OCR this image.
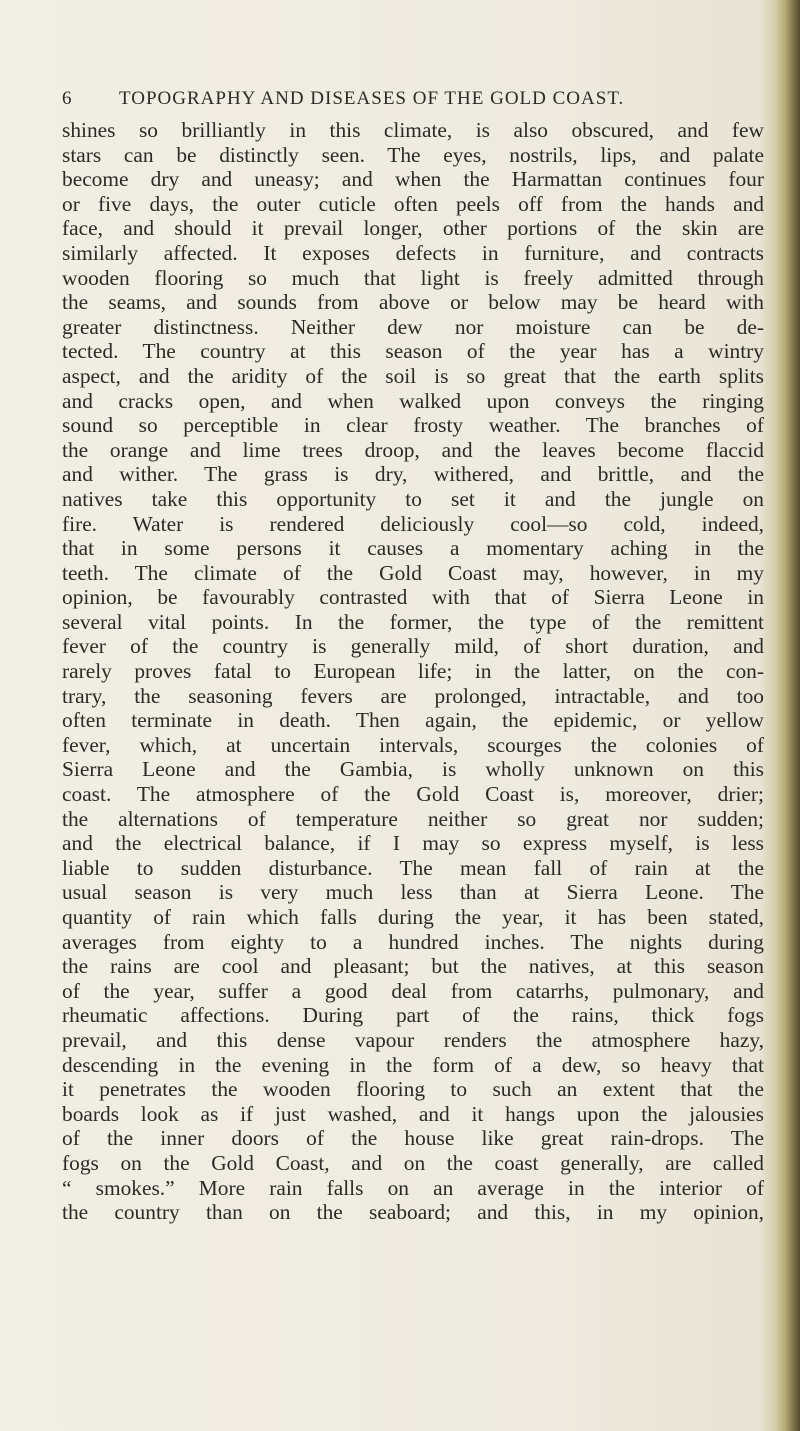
6 TOPOGRAPHY AND DISEASES OF THE GOLD COAST.
shines so brilliantly in this climate, is also obscured, and few
stars can be distinctly seen. The eyes, nostrils, lips, and palate
become dry and uneasy; and when the Harmattan continues four
or five days, the outer cuticle often peels off from the hands and
face, and should it prevail longer, other portions of the skin are
similarly affected. It exposes defects in furniture, and contracts
wooden flooring so much that light is freely admitted through
the seams, and sounds from above or below may be heard with
greater distinctness. Neither dew nor moisture can be de-
tected. The country at this season of the year has a wintry
aspect, and the aridity of the soil is so great that the earth splits
and cracks open, and when walked upon conveys the ringing
sound so perceptible in clear frosty weather. The branches of
the orange and lime trees droop, and the leaves become flaccid
and wither. The grass is dry, withered, and brittle, and the
natives take this opportunity to set it and the jungle on
fire. Water is rendered deliciously cool—so cold, indeed,
that in some persons it causes a momentary aching in the
teeth. The climate of the Gold Coast may, however, in my
opinion, be favourably contrasted with that of Sierra Leone in
several vital points. In the former, the type of the remittent
fever of the country is generally mild, of short duration, and
rarely proves fatal to European life; in the latter, on the con-
trary, the seasoning fevers are prolonged, intractable, and too
often terminate in death. Then again, the epidemic, or yellow
fever, which, at uncertain intervals, scourges the colonies of
Sierra Leone and the Gambia, is wholly unknown on this
coast. The atmosphere of the Gold Coast is, moreover, drier;
the alternations of temperature neither so great nor sudden;
and the electrical balance, if I may so express myself, is less
liable to sudden disturbance. The mean fall of rain at the
usual season is very much less than at Sierra Leone. The
quantity of rain which falls during the year, it has been stated,
averages from eighty to a hundred inches. The nights during
the rains are cool and pleasant; but the natives, at this season
of the year, suffer a good deal from catarrhs, pulmonary, and
rheumatic affections. During part of the rains, thick fogs
prevail, and this dense vapour renders the atmosphere hazy,
descending in the evening in the form of a dew, so heavy that
it penetrates the wooden flooring to such an extent that the
boards look as if just washed, and it hangs upon the jalousies
of the inner doors of the house like great rain-drops. The
fogs on the Gold Coast, and on the coast generally, are called
“ smokes.” More rain falls on an average in the interior of
the country than on the seaboard; and this, in my opinion,
